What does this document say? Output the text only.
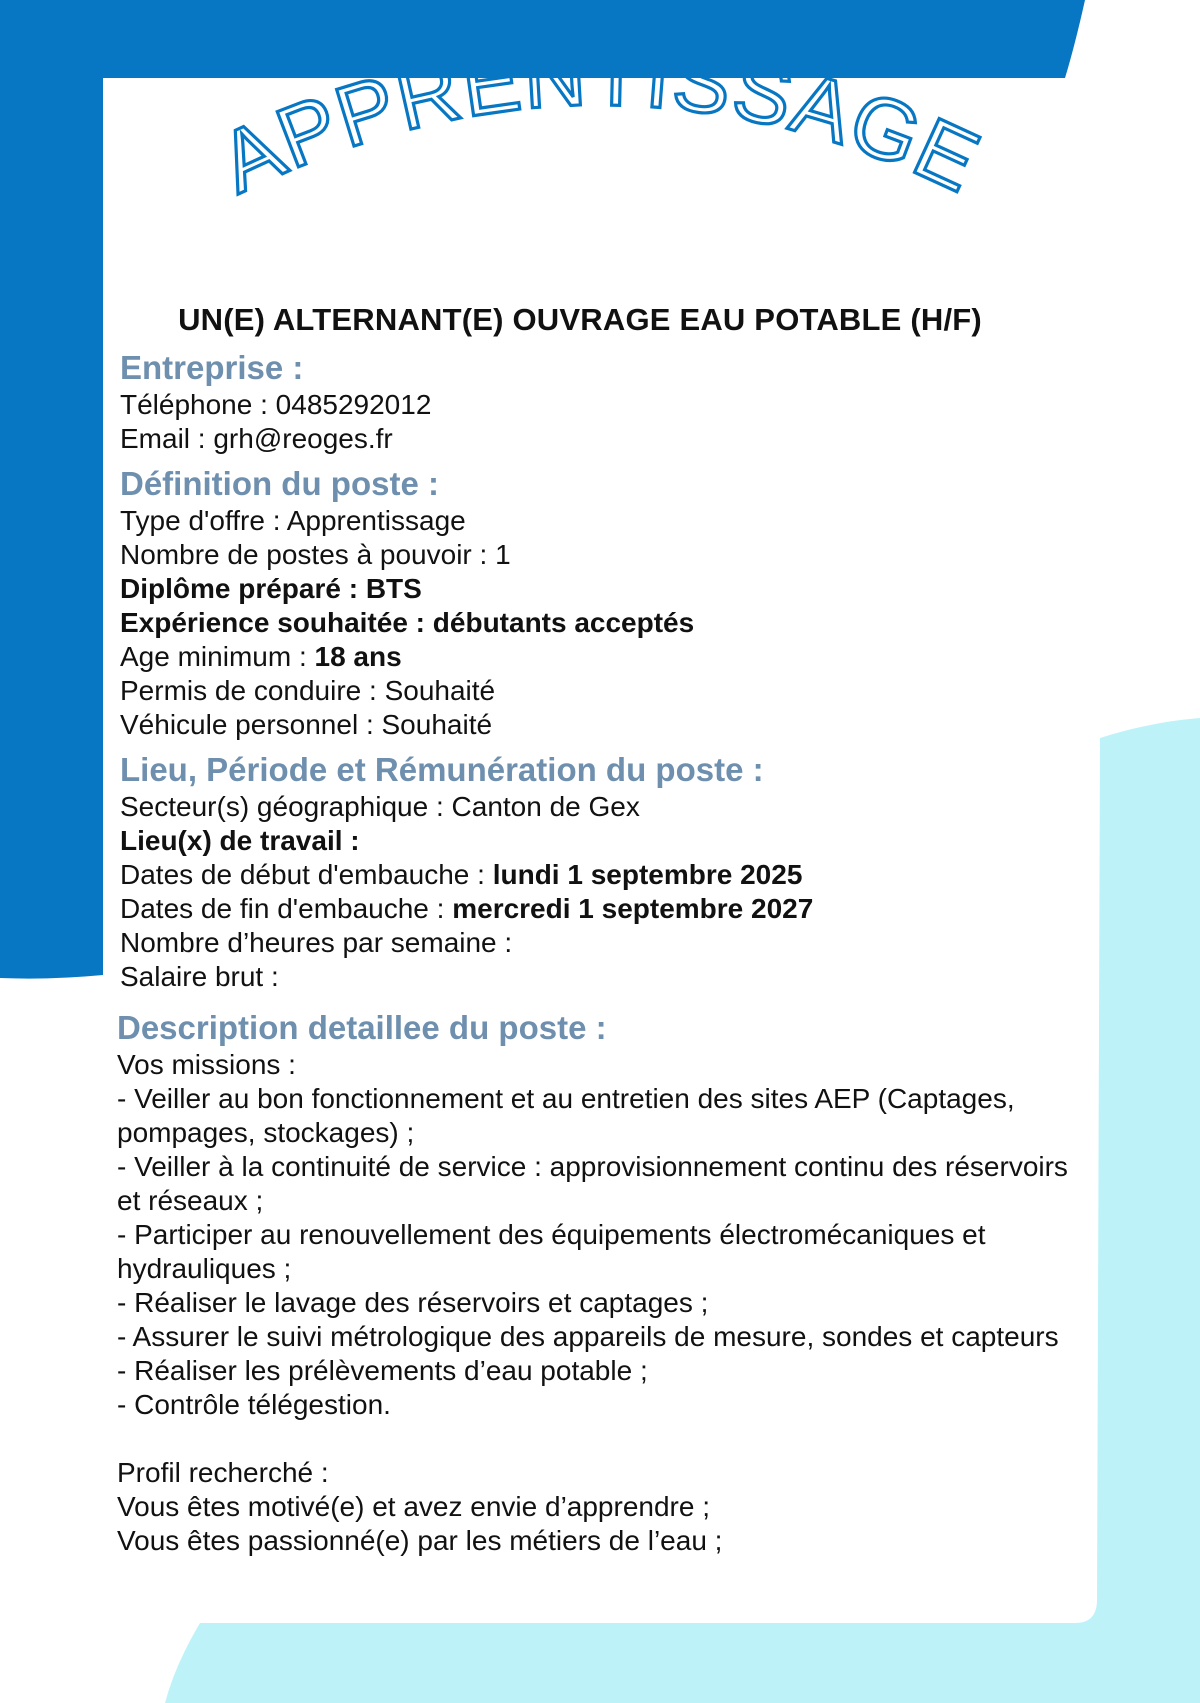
APPRENTISSAGE
UN(E) ALTERNANT(E) OUVRAGE EAU POTABLE (H/F)
Entreprise :
Téléphone : 0485292012
Email : grh@reoges.fr
Définition du poste :
Type d'offre : Apprentissage
Nombre de postes à pouvoir : 1
Diplôme préparé : BTS
Expérience souhaitée : débutants acceptés
Age minimum : 18 ans
Permis de conduire : Souhaité
Véhicule personnel : Souhaité
Lieu, Période et Rémunération du poste :
Secteur(s) géographique : Canton de Gex
Lieu(x) de travail :
Dates de début d'embauche : lundi 1 septembre 2025
Dates de fin d'embauche : mercredi 1 septembre 2027
Nombre d’heures par semaine :
Salaire brut :
Description detaillee du poste :
Vos missions :
- Veiller au bon fonctionnement et au entretien des sites AEP (Captages, pompages, stockages) ;
- Veiller à la continuité de service : approvisionnement continu des réservoirs et réseaux ;
- Participer au renouvellement des équipements électromécaniques et hydrauliques ;
- Réaliser le lavage des réservoirs et captages ;
- Assurer le suivi métrologique des appareils de mesure, sondes et capteurs
- Réaliser les prélèvements d’eau potable ;
- Contrôle télégestion.
Profil recherché :
Vous êtes motivé(e) et avez envie d’apprendre ;
Vous êtes passionné(e) par les métiers de l’eau ;
